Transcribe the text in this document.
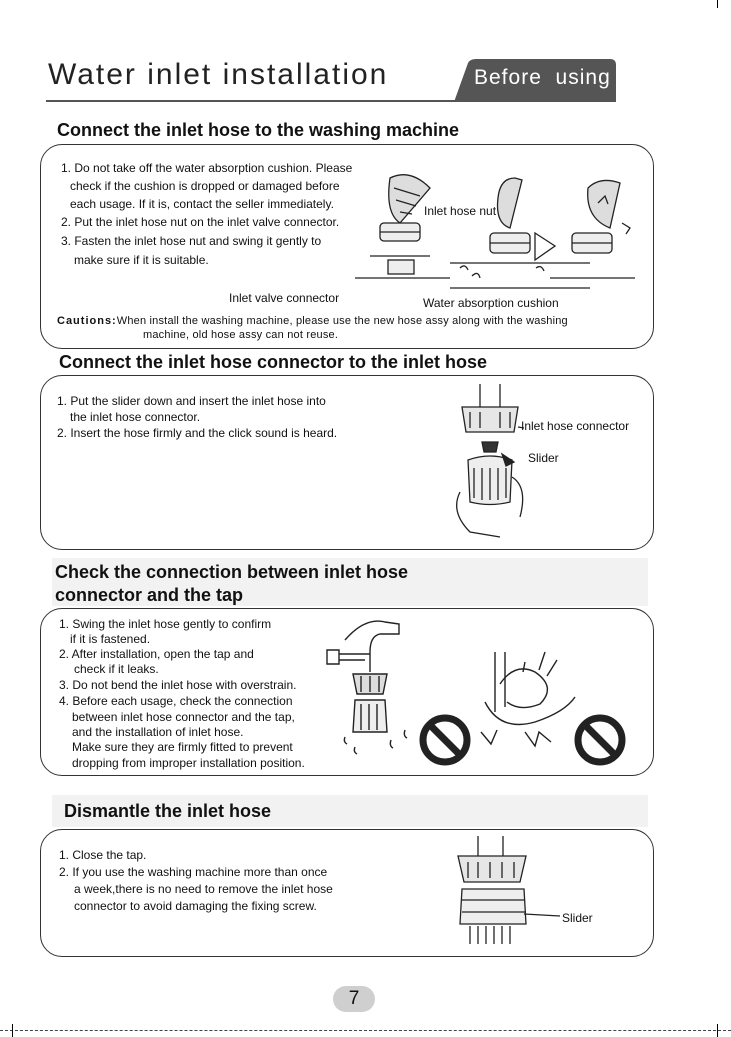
Water inlet installation	Before  using
Connect the inlet hose to the washing machine
1. Do not take off the water absorption cushion. Please
check if the cushion is dropped or damaged before
each usage. If it is, contact the seller immediately.
2. Put the inlet hose nut on the inlet valve connector.
3. Fasten the inlet hose nut and swing it gently to
make sure if it is suitable.
Inlet hose nut
Inlet valve connector	Water absorption cushion
Cautions:When install the washing machine, please use the new hose assy along with the washing
machine, old hose assy can not reuse.
Connect the inlet hose connector to the inlet hose
1. Put the slider down and insert the inlet hose into
the inlet hose connector.
2. Insert the hose firmly and the click sound is heard.	Inlet hose connector
Slider
Check the connection between inlet hose
connector and the tap
1. Swing the inlet hose gently to confirm
if it is fastened.
2. After installation, open the tap and
check if it leaks.
3. Do not bend the inlet hose with overstrain.
4. Before each usage, check the connection
between inlet hose connector and the tap,
and the installation of inlet hose.
Make sure they are firmly fitted to prevent
dropping from improper installation position.
Dismantle the inlet hose
1. Close the tap.
2. If you use the washing machine more than once
a week,there is no need to remove the inlet hose
connector to avoid damaging the fixing screw.
Slider
7
